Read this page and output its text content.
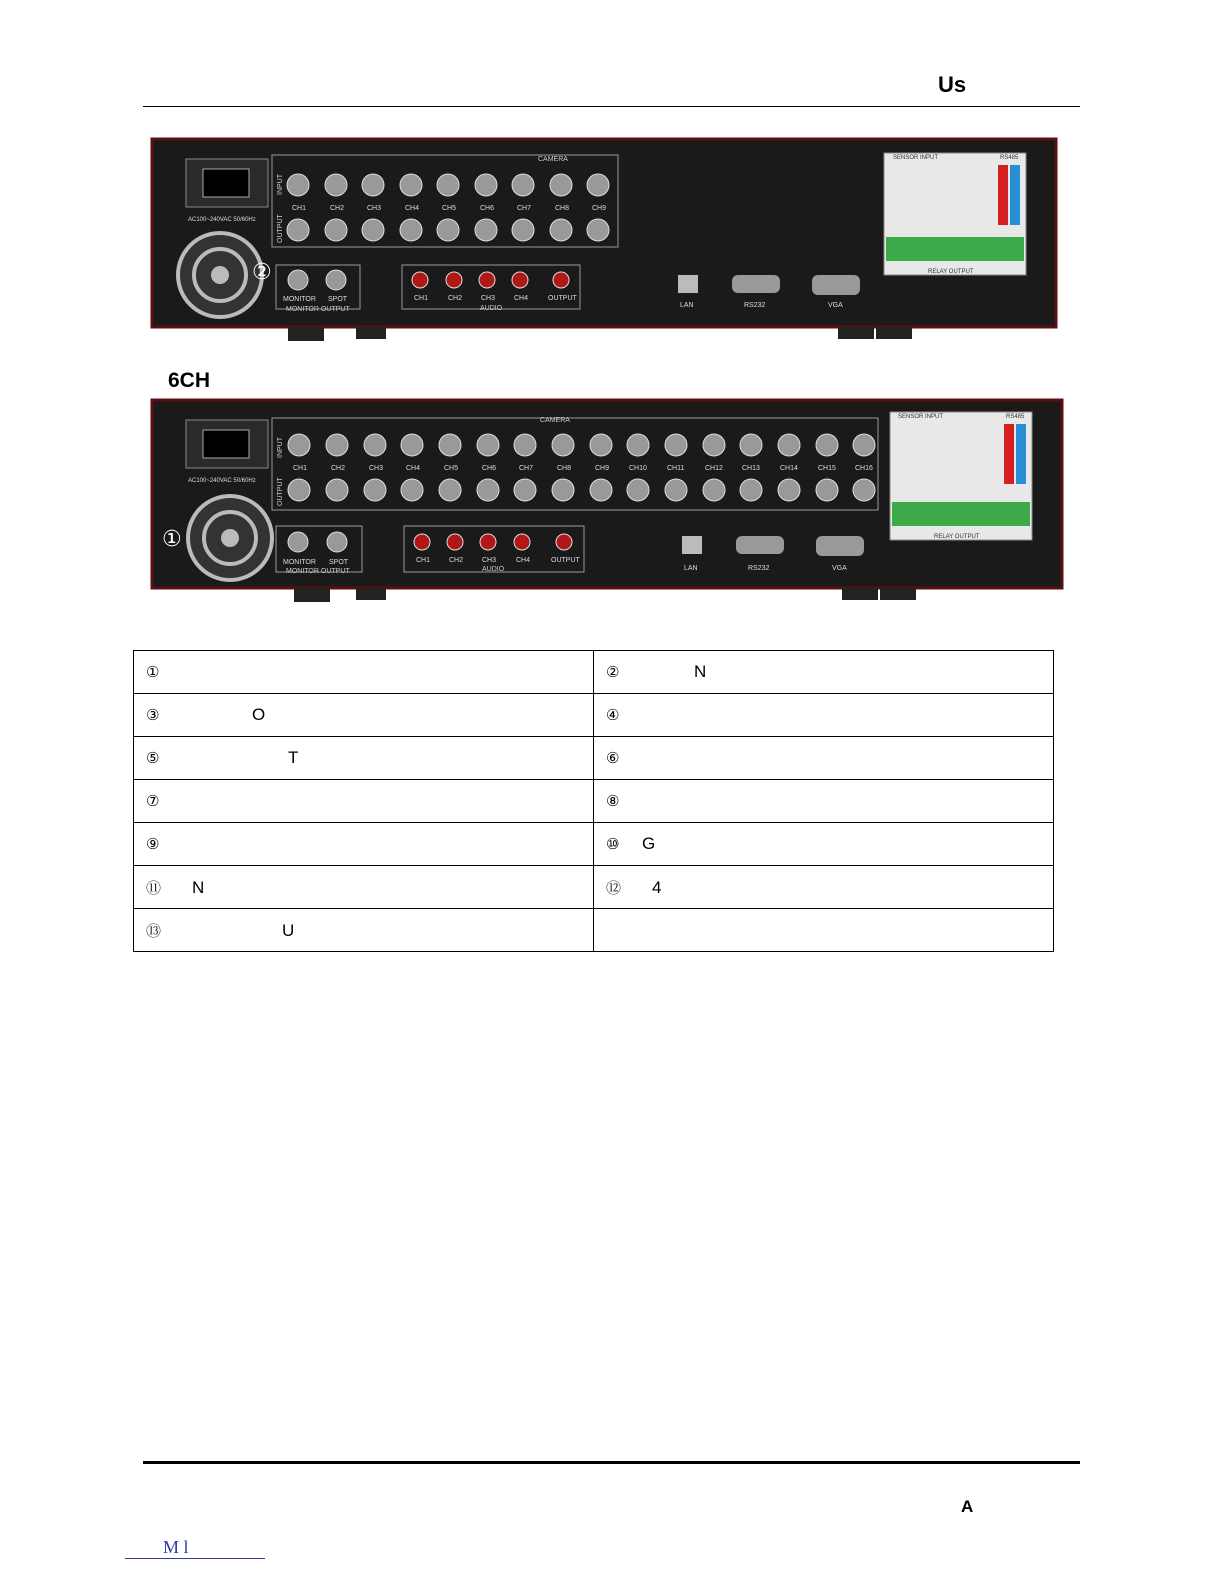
Us
AC100~240VAC 50/60Hz
②
CAMERA
INPUT
OUTPUT
CH1	CH2	CH3	CH4	CH5	CH6	CH7	CH8	CH9
MONITOR SPOT
MONITOR OUTPUT
CH1	CH2	CH3	CH4	OUTPUT
AUDIO	LAN	RS232	VGA
SENSOR INPUT	RS485
RELAY OUTPUT
6CH
AC100~240VAC 50/60Hz
①
CAMERA
INPUT
OUTPUT
CH1	CH2	CH3	CH4	CH5	CH6	CH7	CH8	CH9	CH10	CH11	CH12	CH13	CH14	CH15	CH16
MONITOR SPOT
MONITOR OUTPUT
CH1	CH2	CH3	CH4	OUTPUT
AUDIO	LAN	RS232	VGA
SENSOR INPUT	RS485
RELAY OUTPUT
①	② N
③ O	④
⑤ T	⑥
⑦	⑧
⑨	⑩ G
⑪ N	⑫ 4
⑬ U	
A
M l
